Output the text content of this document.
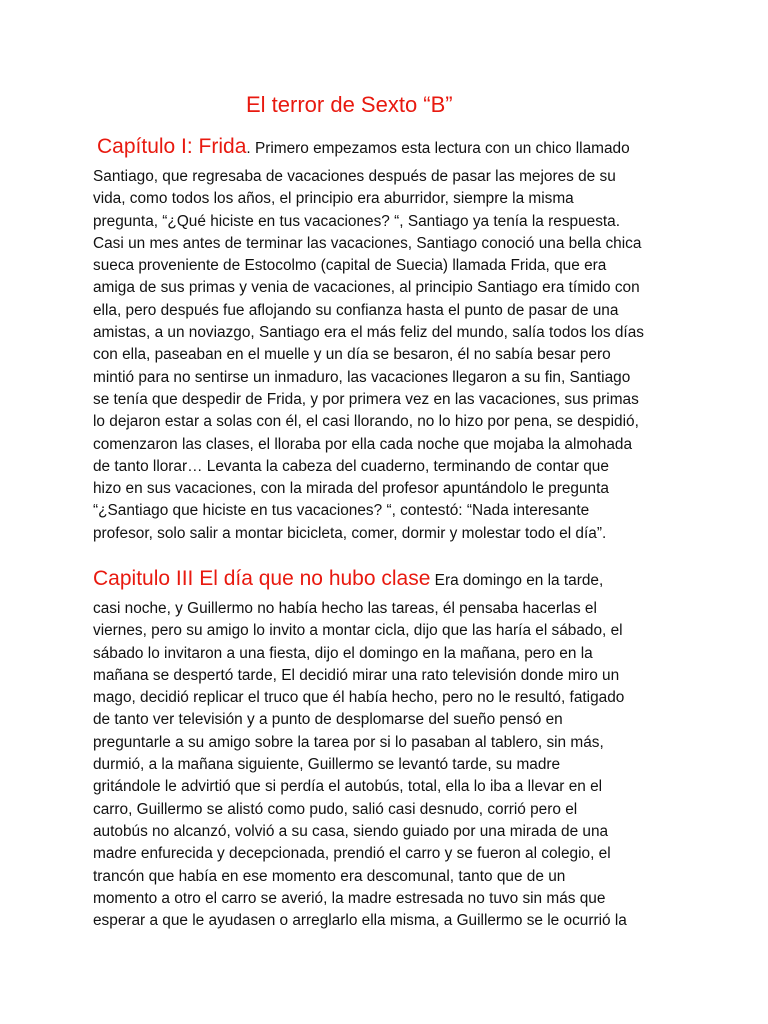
El terror de Sexto “B”
Capítulo I: Frida. Primero empezamos esta lectura con un chico llamado
Santiago, que regresaba de vacaciones después de pasar las mejores de su
vida, como todos los años, el principio era aburridor, siempre la misma
pregunta, “¿Qué hiciste en tus vacaciones? “, Santiago ya tenía la respuesta.
Casi un mes antes de terminar las vacaciones, Santiago conoció una bella chica
sueca proveniente de Estocolmo (capital de Suecia) llamada Frida, que era
amiga de sus primas y venia de vacaciones, al principio Santiago era tímido con
ella, pero después fue aflojando su confianza hasta el punto de pasar de una
amistas, a un noviazgo, Santiago era el más feliz del mundo, salía todos los días
con ella, paseaban en el muelle y un día se besaron, él no sabía besar pero
mintió para no sentirse un inmaduro, las vacaciones llegaron a su fin, Santiago
se tenía que despedir de Frida, y por primera vez en las vacaciones, sus primas
lo dejaron estar a solas con él, el casi llorando, no lo hizo por pena, se despidió,
comenzaron las clases, el lloraba por ella cada noche que mojaba la almohada
de tanto llorar… Levanta la cabeza del cuaderno, terminando de contar que
hizo en sus vacaciones, con la mirada del profesor apuntándolo le pregunta
“¿Santiago que hiciste en tus vacaciones? “, contestó: “Nada interesante
profesor, solo salir a montar bicicleta, comer, dormir y molestar todo el día”.
Capitulo III El día que no hubo clase Era domingo en la tarde,
casi noche, y Guillermo no había hecho las tareas, él pensaba hacerlas el
viernes, pero su amigo lo invito a montar cicla, dijo que las haría el sábado, el
sábado lo invitaron a una fiesta, dijo el domingo en la mañana, pero en la
mañana se despertó tarde, El decidió mirar una rato televisión donde miro un
mago, decidió replicar el truco que él había hecho, pero no le resultó, fatigado
de tanto ver televisión y a punto de desplomarse del sueño pensó en
preguntarle a su amigo sobre la tarea por si lo pasaban al tablero, sin más,
durmió, a la mañana siguiente, Guillermo se levantó tarde, su madre
gritándole le advirtió que si perdía el autobús, total, ella lo iba a llevar en el
carro, Guillermo se alistó como pudo, salió casi desnudo, corrió pero el
autobús no alcanzó, volvió a su casa, siendo guiado por una mirada de una
madre enfurecida y decepcionada, prendió el carro y se fueron al colegio, el
trancón que había en ese momento era descomunal, tanto que de un
momento a otro el carro se averió, la madre estresada no tuvo sin más que
esperar a que le ayudasen o arreglarlo ella misma, a Guillermo se le ocurrió la
